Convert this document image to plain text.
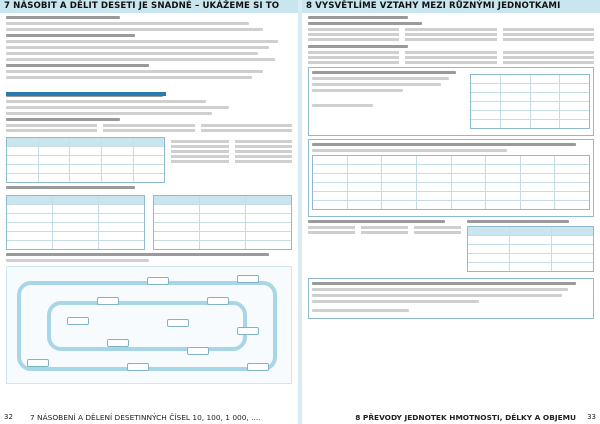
7 NÁSOBIT A DĚLIT DESETI JE SNADNÉ – UKÁŽEME SI TO
32 7 NÁSOBENÍ A DĚLENÍ DESETINNÝCH ČÍSEL 10, 100, 1 000, ....
8 VYSVĚTLÍME VZTAHY MEZI RŮZNÝMI JEDNOTKAMI
8 PŘEVODY JEDNOTEK HMOTNOSTI, DÉLKY A OBJEMU 33
